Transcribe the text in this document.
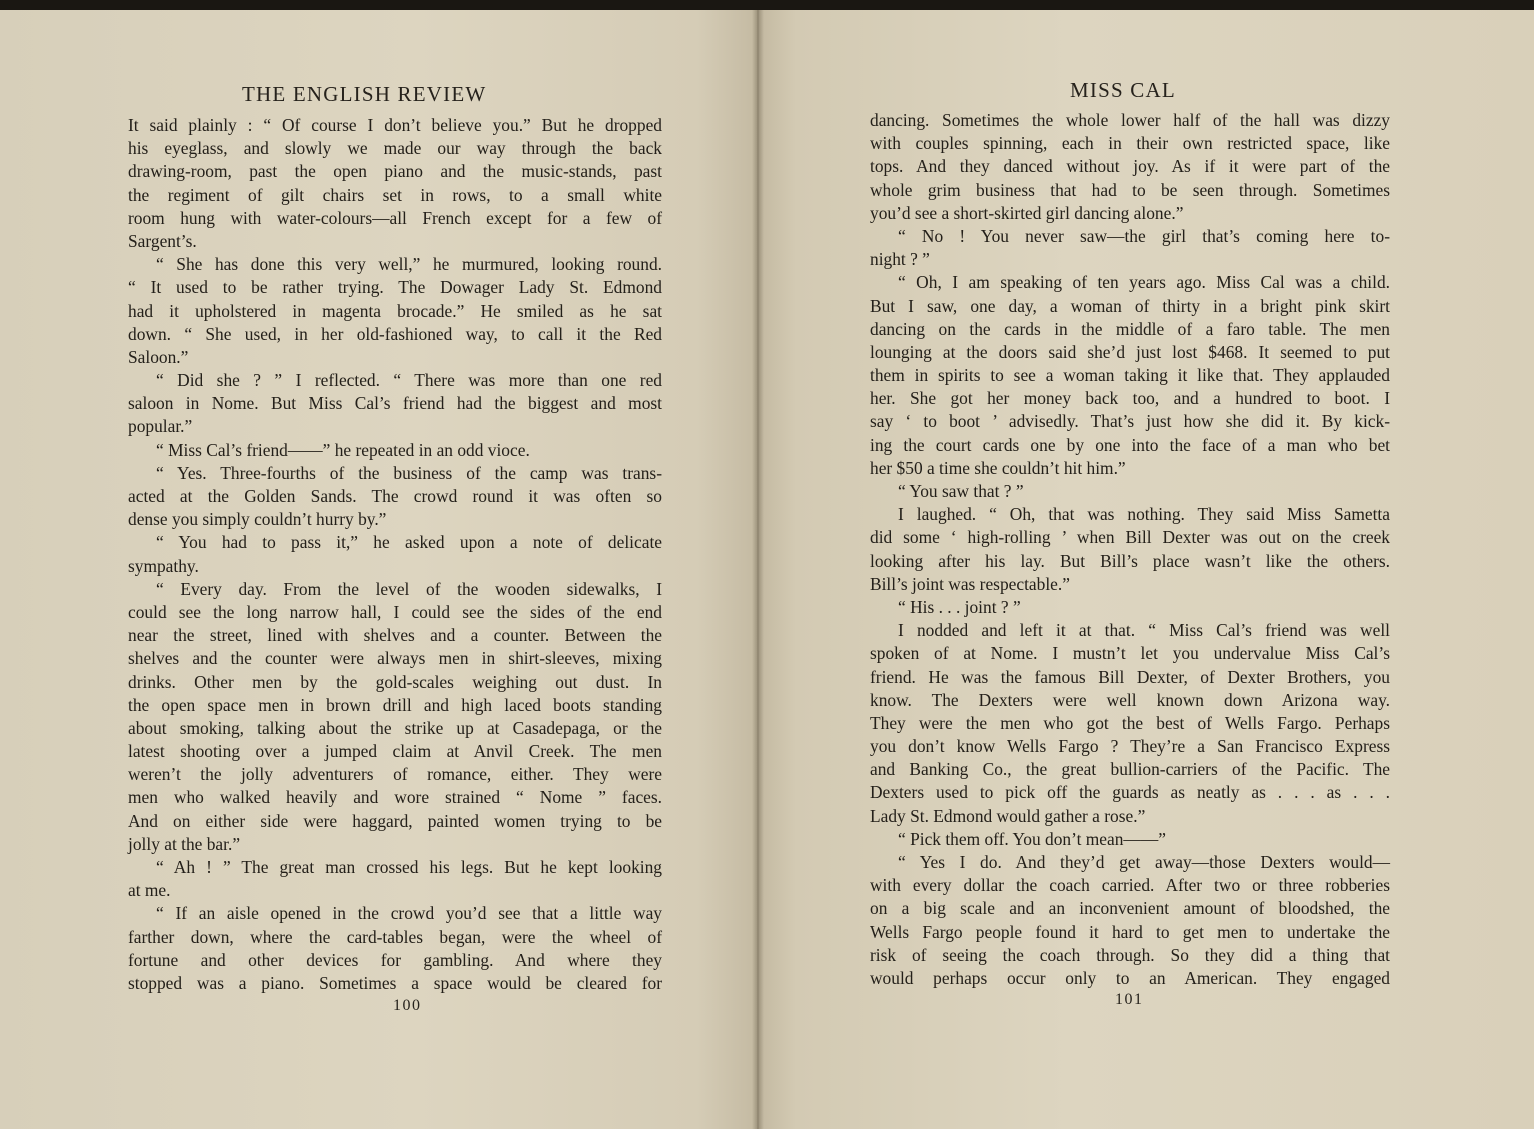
THE ENGLISH REVIEW
It said plainly : “ Of course I don’t believe you.” But he dropped
his eyeglass, and slowly we made our way through the back
drawing-room, past the open piano and the music-stands, past
the regiment of gilt chairs set in rows, to a small white
room hung with water-colours—all French except for a few of
Sargent’s.
“ She has done this very well,” he murmured, looking round.
“ It used to be rather trying. The Dowager Lady St. Edmond
had it upholstered in magenta brocade.” He smiled as he sat
down. “ She used, in her old-fashioned way, to call it the Red
Saloon.”
“ Did she ? ” I reflected. “ There was more than one red
saloon in Nome. But Miss Cal’s friend had the biggest and most
popular.”
“ Miss Cal’s friend——” he repeated in an odd vioce.
“ Yes. Three-fourths of the business of the camp was trans-
acted at the Golden Sands. The crowd round it was often so
dense you simply couldn’t hurry by.”
“ You had to pass it,” he asked upon a note of delicate
sympathy.
“ Every day. From the level of the wooden sidewalks, I
could see the long narrow hall, I could see the sides of the end
near the street, lined with shelves and a counter. Between the
shelves and the counter were always men in shirt-sleeves, mixing
drinks. Other men by the gold-scales weighing out dust. In
the open space men in brown drill and high laced boots standing
about smoking, talking about the strike up at Casadepaga, or the
latest shooting over a jumped claim at Anvil Creek. The men
weren’t the jolly adventurers of romance, either. They were
men who walked heavily and wore strained “ Nome ” faces.
And on either side were haggard, painted women trying to be
jolly at the bar.”
“ Ah ! ” The great man crossed his legs. But he kept looking
at me.
“ If an aisle opened in the crowd you’d see that a little way
farther down, where the card-tables began, were the wheel of
fortune and other devices for gambling. And where they
stopped was a piano. Sometimes a space would be cleared for
100
MISS CAL
dancing. Sometimes the whole lower half of the hall was dizzy
with couples spinning, each in their own restricted space, like
tops. And they danced without joy. As if it were part of the
whole grim business that had to be seen through. Sometimes
you’d see a short-skirted girl dancing alone.”
“ No ! You never saw—the girl that’s coming here to-
night ? ”
“ Oh, I am speaking of ten years ago. Miss Cal was a child.
But I saw, one day, a woman of thirty in a bright pink skirt
dancing on the cards in the middle of a faro table. The men
lounging at the doors said she’d just lost $468. It seemed to put
them in spirits to see a woman taking it like that. They applauded
her. She got her money back too, and a hundred to boot. I
say ‘ to boot ’ advisedly. That’s just how she did it. By kick-
ing the court cards one by one into the face of a man who bet
her $50 a time she couldn’t hit him.”
“ You saw that ? ”
I laughed. “ Oh, that was nothing. They said Miss Sametta
did some ‘ high-rolling ’ when Bill Dexter was out on the creek
looking after his lay. But Bill’s place wasn’t like the others.
Bill’s joint was respectable.”
“ His . . . joint ? ”
I nodded and left it at that. “ Miss Cal’s friend was well
spoken of at Nome. I mustn’t let you undervalue Miss Cal’s
friend. He was the famous Bill Dexter, of Dexter Brothers, you
know. The Dexters were well known down Arizona way.
They were the men who got the best of Wells Fargo. Perhaps
you don’t know Wells Fargo ? They’re a San Francisco Express
and Banking Co., the great bullion-carriers of the Pacific. The
Dexters used to pick off the guards as neatly as . . . as . . .
Lady St. Edmond would gather a rose.”
“ Pick them off. You don’t mean——”
“ Yes I do. And they’d get away—those Dexters would—
with every dollar the coach carried. After two or three robberies
on a big scale and an inconvenient amount of bloodshed, the
Wells Fargo people found it hard to get men to undertake the
risk of seeing the coach through. So they did a thing that
would perhaps occur only to an American. They engaged
101
